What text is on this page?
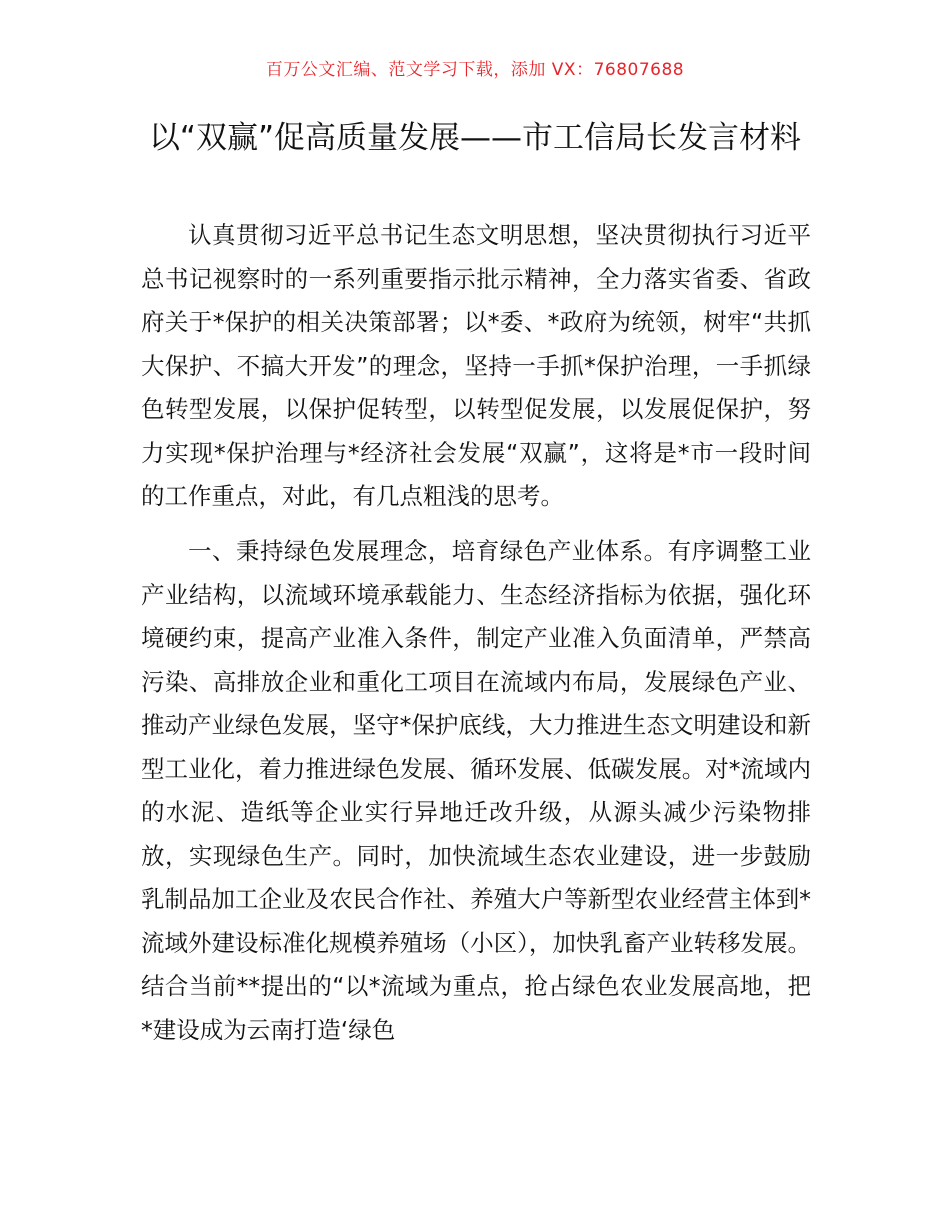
百万公文汇编、范文学习下载，添加 VX：76807688
以“双赢”促高质量发展——市工信局长发言材料

认真贯彻习近平总书记生态文明思想，坚决贯彻执行习近平总书记视察时的一系列重要指示批示精神，全力落实省委、省政府关于*保护的相关决策部署；以*委、*政府为统领，树牢“共抓大保护、不搞大开发”的理念，坚持一手抓*保护治理，一手抓绿色转型发展，以保护促转型，以转型促发展，以发展促保护，努力实现*保护治理与*经济社会发展“双赢”，这将是*市一段时间的工作重点，对此，有几点粗浅的思考。

一、秉持绿色发展理念，培育绿色产业体系。有序调整工业产业结构，以流域环境承载能力、生态经济指标为依据，强化环境硬约束，提高产业准入条件，制定产业准入负面清单，严禁高污染、高排放企业和重化工项目在流域内布局，发展绿色产业、推动产业绿色发展，坚守*保护底线，大力推进生态文明建设和新型工业化，着力推进绿色发展、循环发展、低碳发展。对*流域内的水泥、造纸等企业实行异地迁改升级，从源头减少污染物排放，实现绿色生产。同时，加快流域生态农业建设，进一步鼓励乳制品加工企业及农民合作社、养殖大户等新型农业经营主体到*流域外建设标准化规模养殖场（小区），加快乳畜产业转移发展。结合当前**提出的“以*流域为重点，抢占绿色农业发展高地，把*建设成为云南打造‘绿色
